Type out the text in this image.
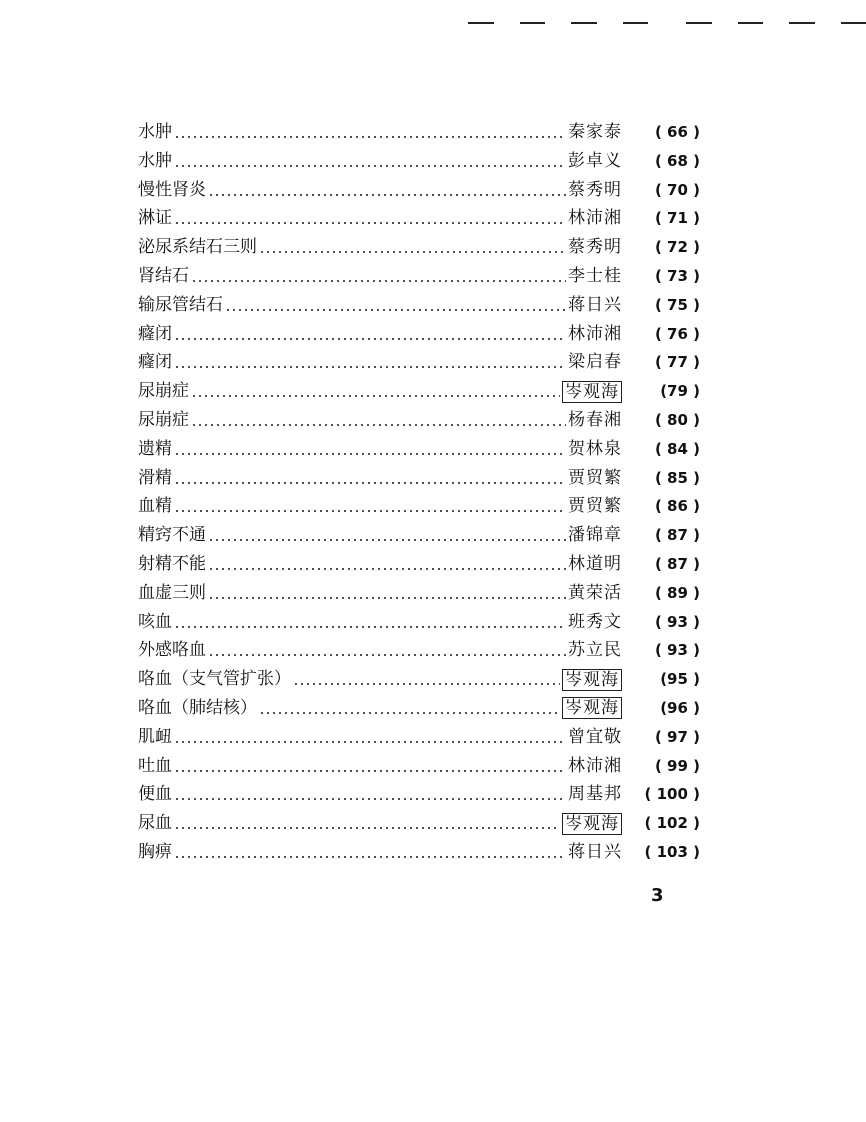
水肿	秦家泰	( 66 )
水肿	彭卓义	( 68 )
慢性肾炎	蔡秀明	( 70 )
淋证	林沛湘	( 71 )
泌尿系结石三则	蔡秀明	( 72 )
肾结石	李士桂	( 73 )
输尿管结石	蒋日兴	( 75 )
癃闭	林沛湘	( 76 )
癃闭	梁启春	( 77 )
尿崩症	岑观海	(79 )
尿崩症	杨春湘	( 80 )
遗精	贺林泉	( 84 )
滑精	贾贸繁	( 85 )
血精	贾贸繁	( 86 )
精窍不通	潘锦章	( 87 )
射精不能	林道明	( 87 )
血虚三则	黄荣活	( 89 )
咳血	班秀文	( 93 )
外感咯血	苏立民	( 93 )
咯血（支气管扩张）	岑观海	(95 )
咯血（肺结核）	岑观海	(96 )
肌衄	曾宜敬	( 97 )
吐血	林沛湘	( 99 )
便血	周基邦	( 100 )
尿血	岑观海	( 102 )
胸痹	蒋日兴	( 103 )
3
